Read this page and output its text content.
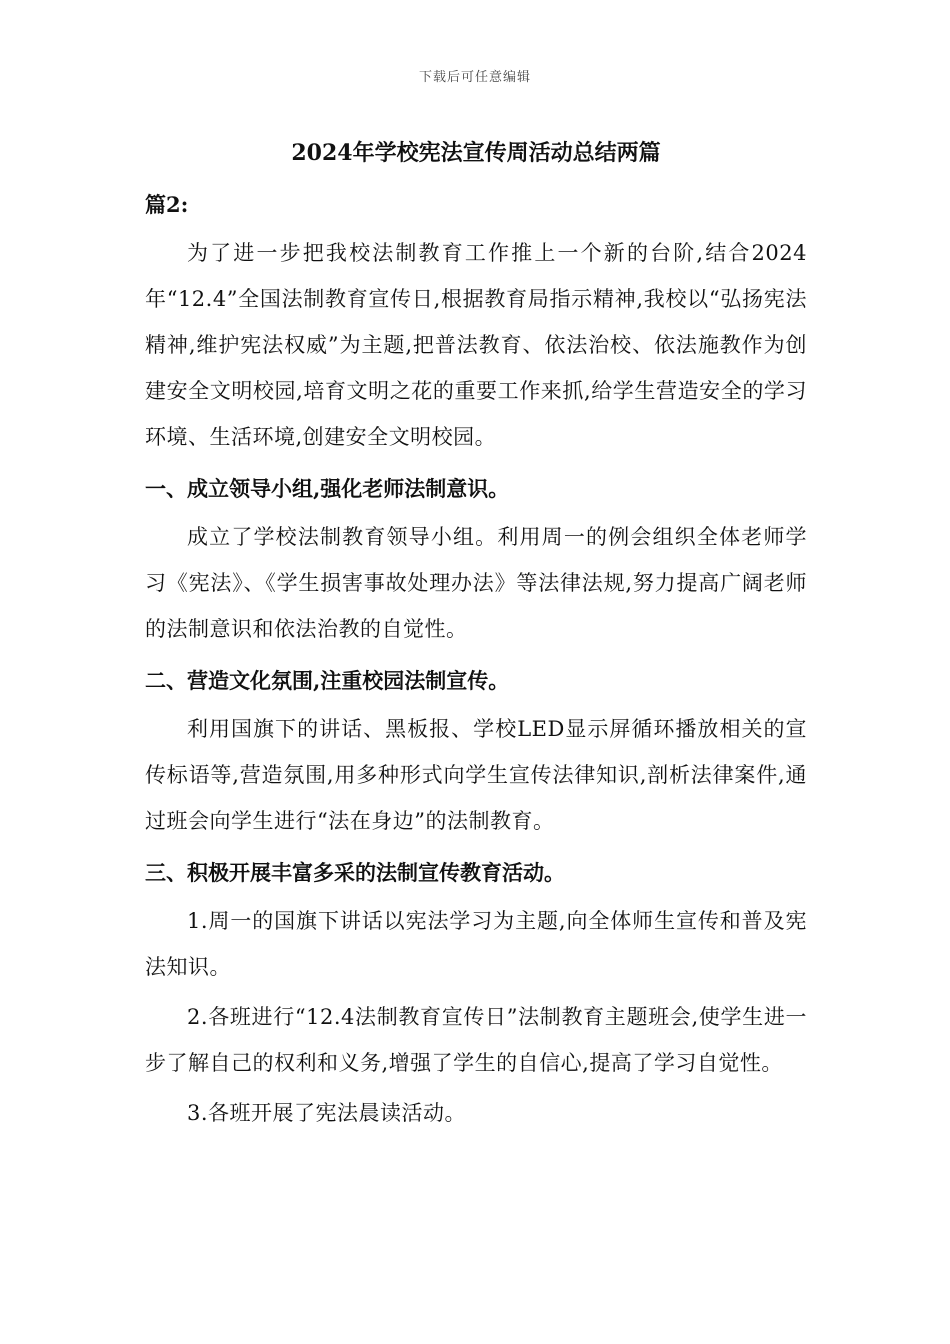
下载后可任意编辑
2024年学校宪法宣传周活动总结两篇
篇2:

为了进一步把我校法制教育工作推上一个新的台阶,结合2024年“12.4”全国法制教育宣传日,根据教育局指示精神,我校以“弘扬宪法精神,维护宪法权威”为主题,把普法教育、依法治校、依法施教作为创建安全文明校园,培育文明之花的重要工作来抓,给学生营造安全的学习环境、生活环境,创建安全文明校园。

一、成立领导小组,强化老师法制意识。

成立了学校法制教育领导小组。利用周一的例会组织全体老师学习《宪法》、《学生损害事故处理办法》等法律法规,努力提高广阔老师的法制意识和依法治教的自觉性。

二、营造文化氛围,注重校园法制宣传。

利用国旗下的讲话、黑板报、学校LED显示屏循环播放相关的宣传标语等,营造氛围,用多种形式向学生宣传法律知识,剖析法律案件,通过班会向学生进行“法在身边”的法制教育。

三、积极开展丰富多采的法制宣传教育活动。

1.周一的国旗下讲话以宪法学习为主题,向全体师生宣传和普及宪法知识。

2.各班进行“12.4法制教育宣传日”法制教育主题班会,使学生进一步了解自己的权利和义务,增强了学生的自信心,提高了学习自觉性。

3.各班开展了宪法晨读活动。
